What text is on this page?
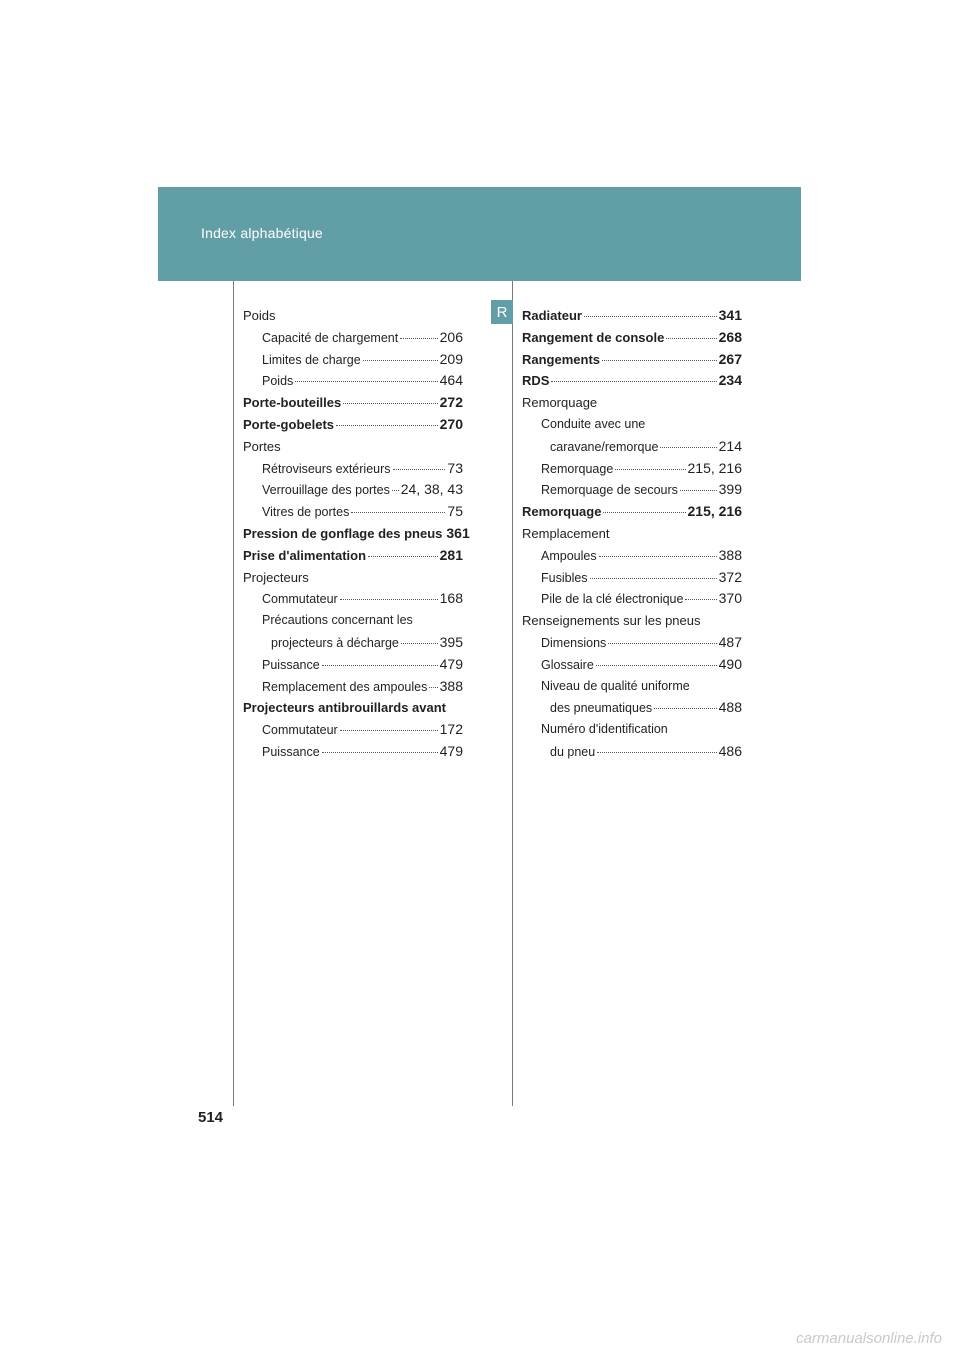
Index alphabétique
R
Poids
Capacité de chargement	206
Limites de charge	209
Poids	464
Porte-bouteilles	272
Porte-gobelets	270
Portes
Rétroviseurs extérieurs	73
Verrouillage des portes 24, 38, 43
Vitres de portes	75
Pression de gonflage des pneus 361
Prise d'alimentation	281
Projecteurs
Commutateur	168
Précautions concernant les
projecteurs à décharge	395
Puissance	479
Remplacement des ampoules 388
Projecteurs antibrouillards avant
Commutateur	172
Puissance	479
Radiateur	341
Rangement de console	268
Rangements	267
RDS	234
Remorquage
Conduite avec une
caravane/remorque	214
Remorquage	215, 216
Remorquage de secours	399
Remorquage	215, 216
Remplacement
Ampoules	388
Fusibles	372
Pile de la clé électronique	370
Renseignements sur les pneus
Dimensions	487
Glossaire	490
Niveau de qualité uniforme
des pneumatiques	488
Numéro d'identification
du pneu	486
514
carmanualsonline.info
